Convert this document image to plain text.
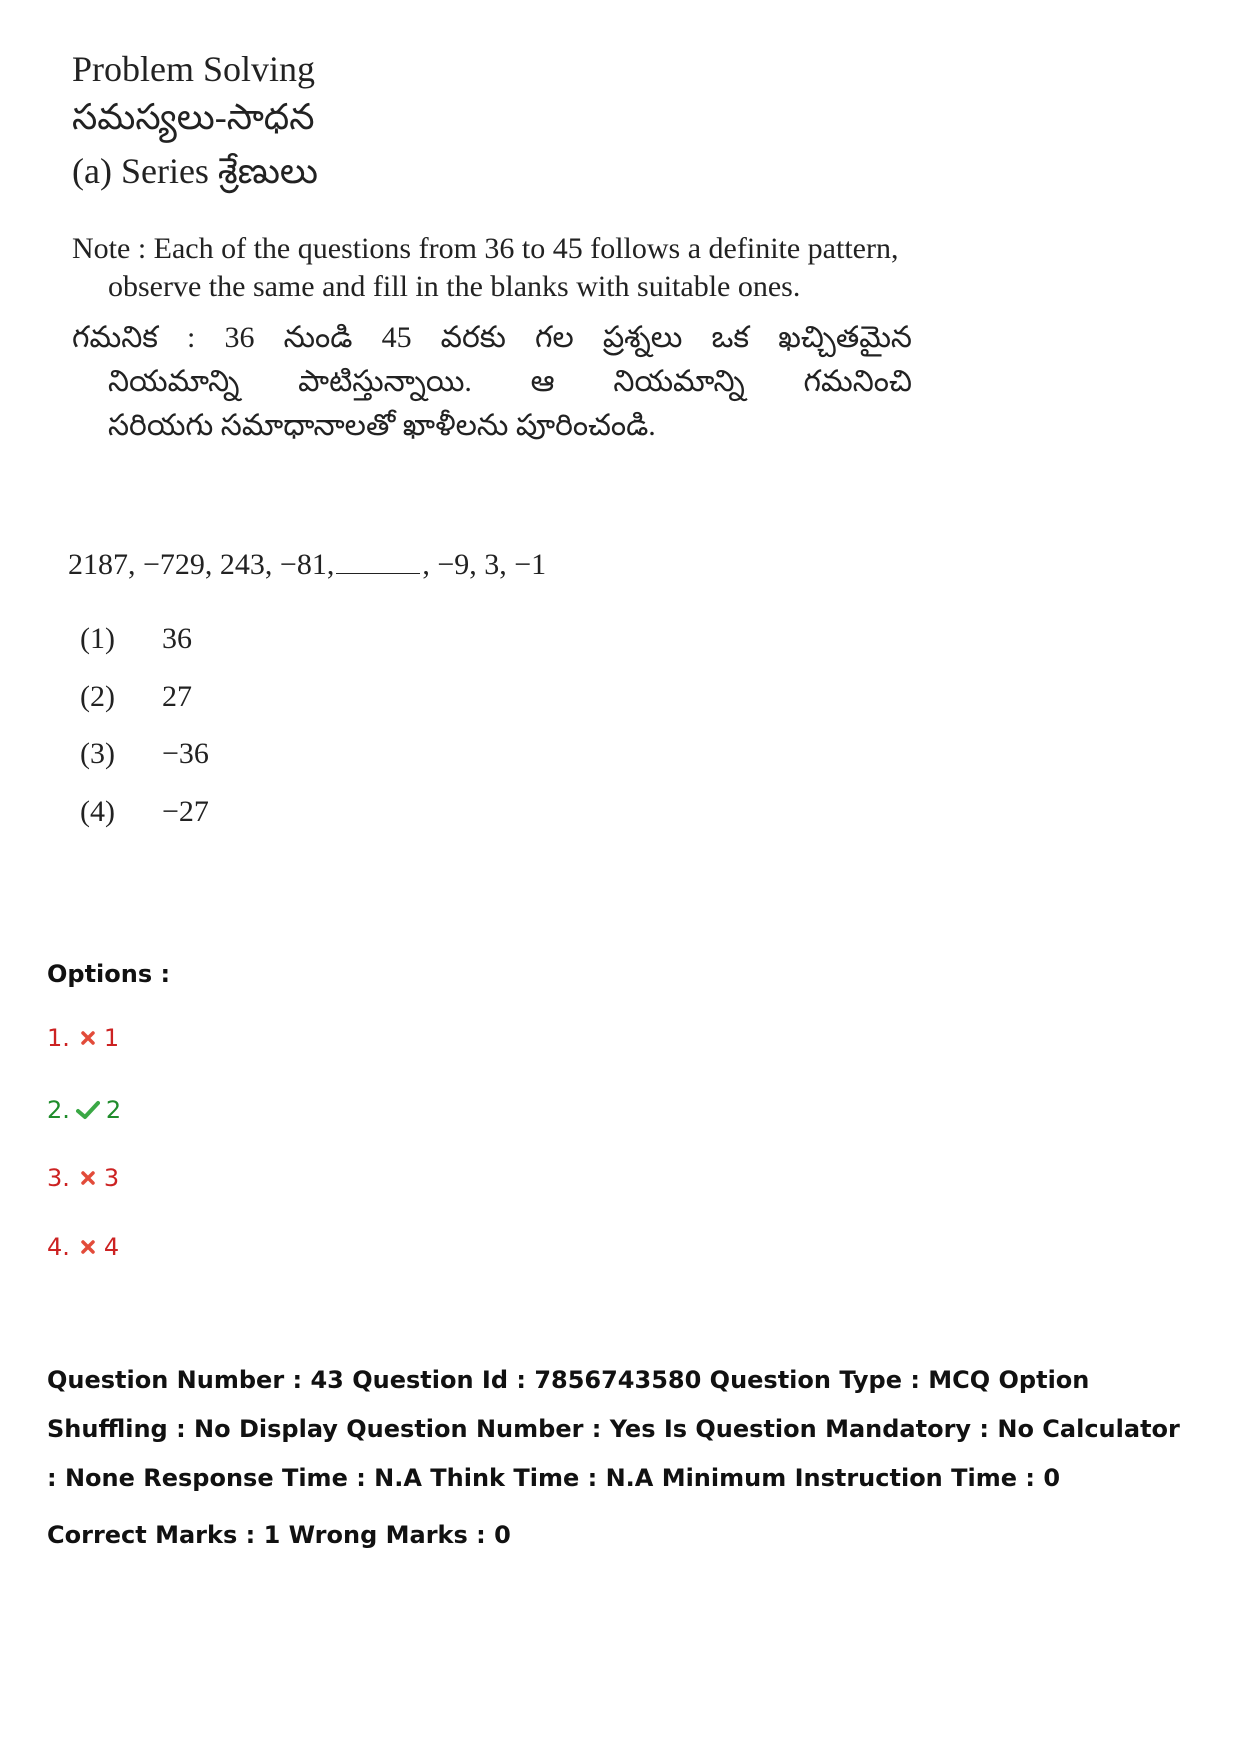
Problem Solving
సమస్యలు-సాధన
(a) Series శ్రేణులు
Note : Each of the questions from 36 to 45 follows a definite pattern,
observe the same and fill in the blanks with suitable ones.
గమనిక : 36 నుండి 45 వరకు గల ప్రశ్నలు ఒక ఖచ్చితమైన
నియమాన్ని పాటిస్తున్నాయి. ఆ నియమాన్ని గమనించి
సరియగు సమాధానాలతో ఖాళీలను పూరించండి.
2187, −729, 243, −81,	, −9, 3, −1
(1) 36
(2) 27
(3) −36
(4) −27
Options :
1. 1
2. 2
3. 3
4. 4
Question Number : 43 Question Id : 7856743580 Question Type : MCQ Option Shuffling : No Display Question Number : Yes Is Question Mandatory : No Calculator : None Response Time : N.A Think Time : N.A Minimum Instruction Time : 0
Correct Marks : 1 Wrong Marks : 0
